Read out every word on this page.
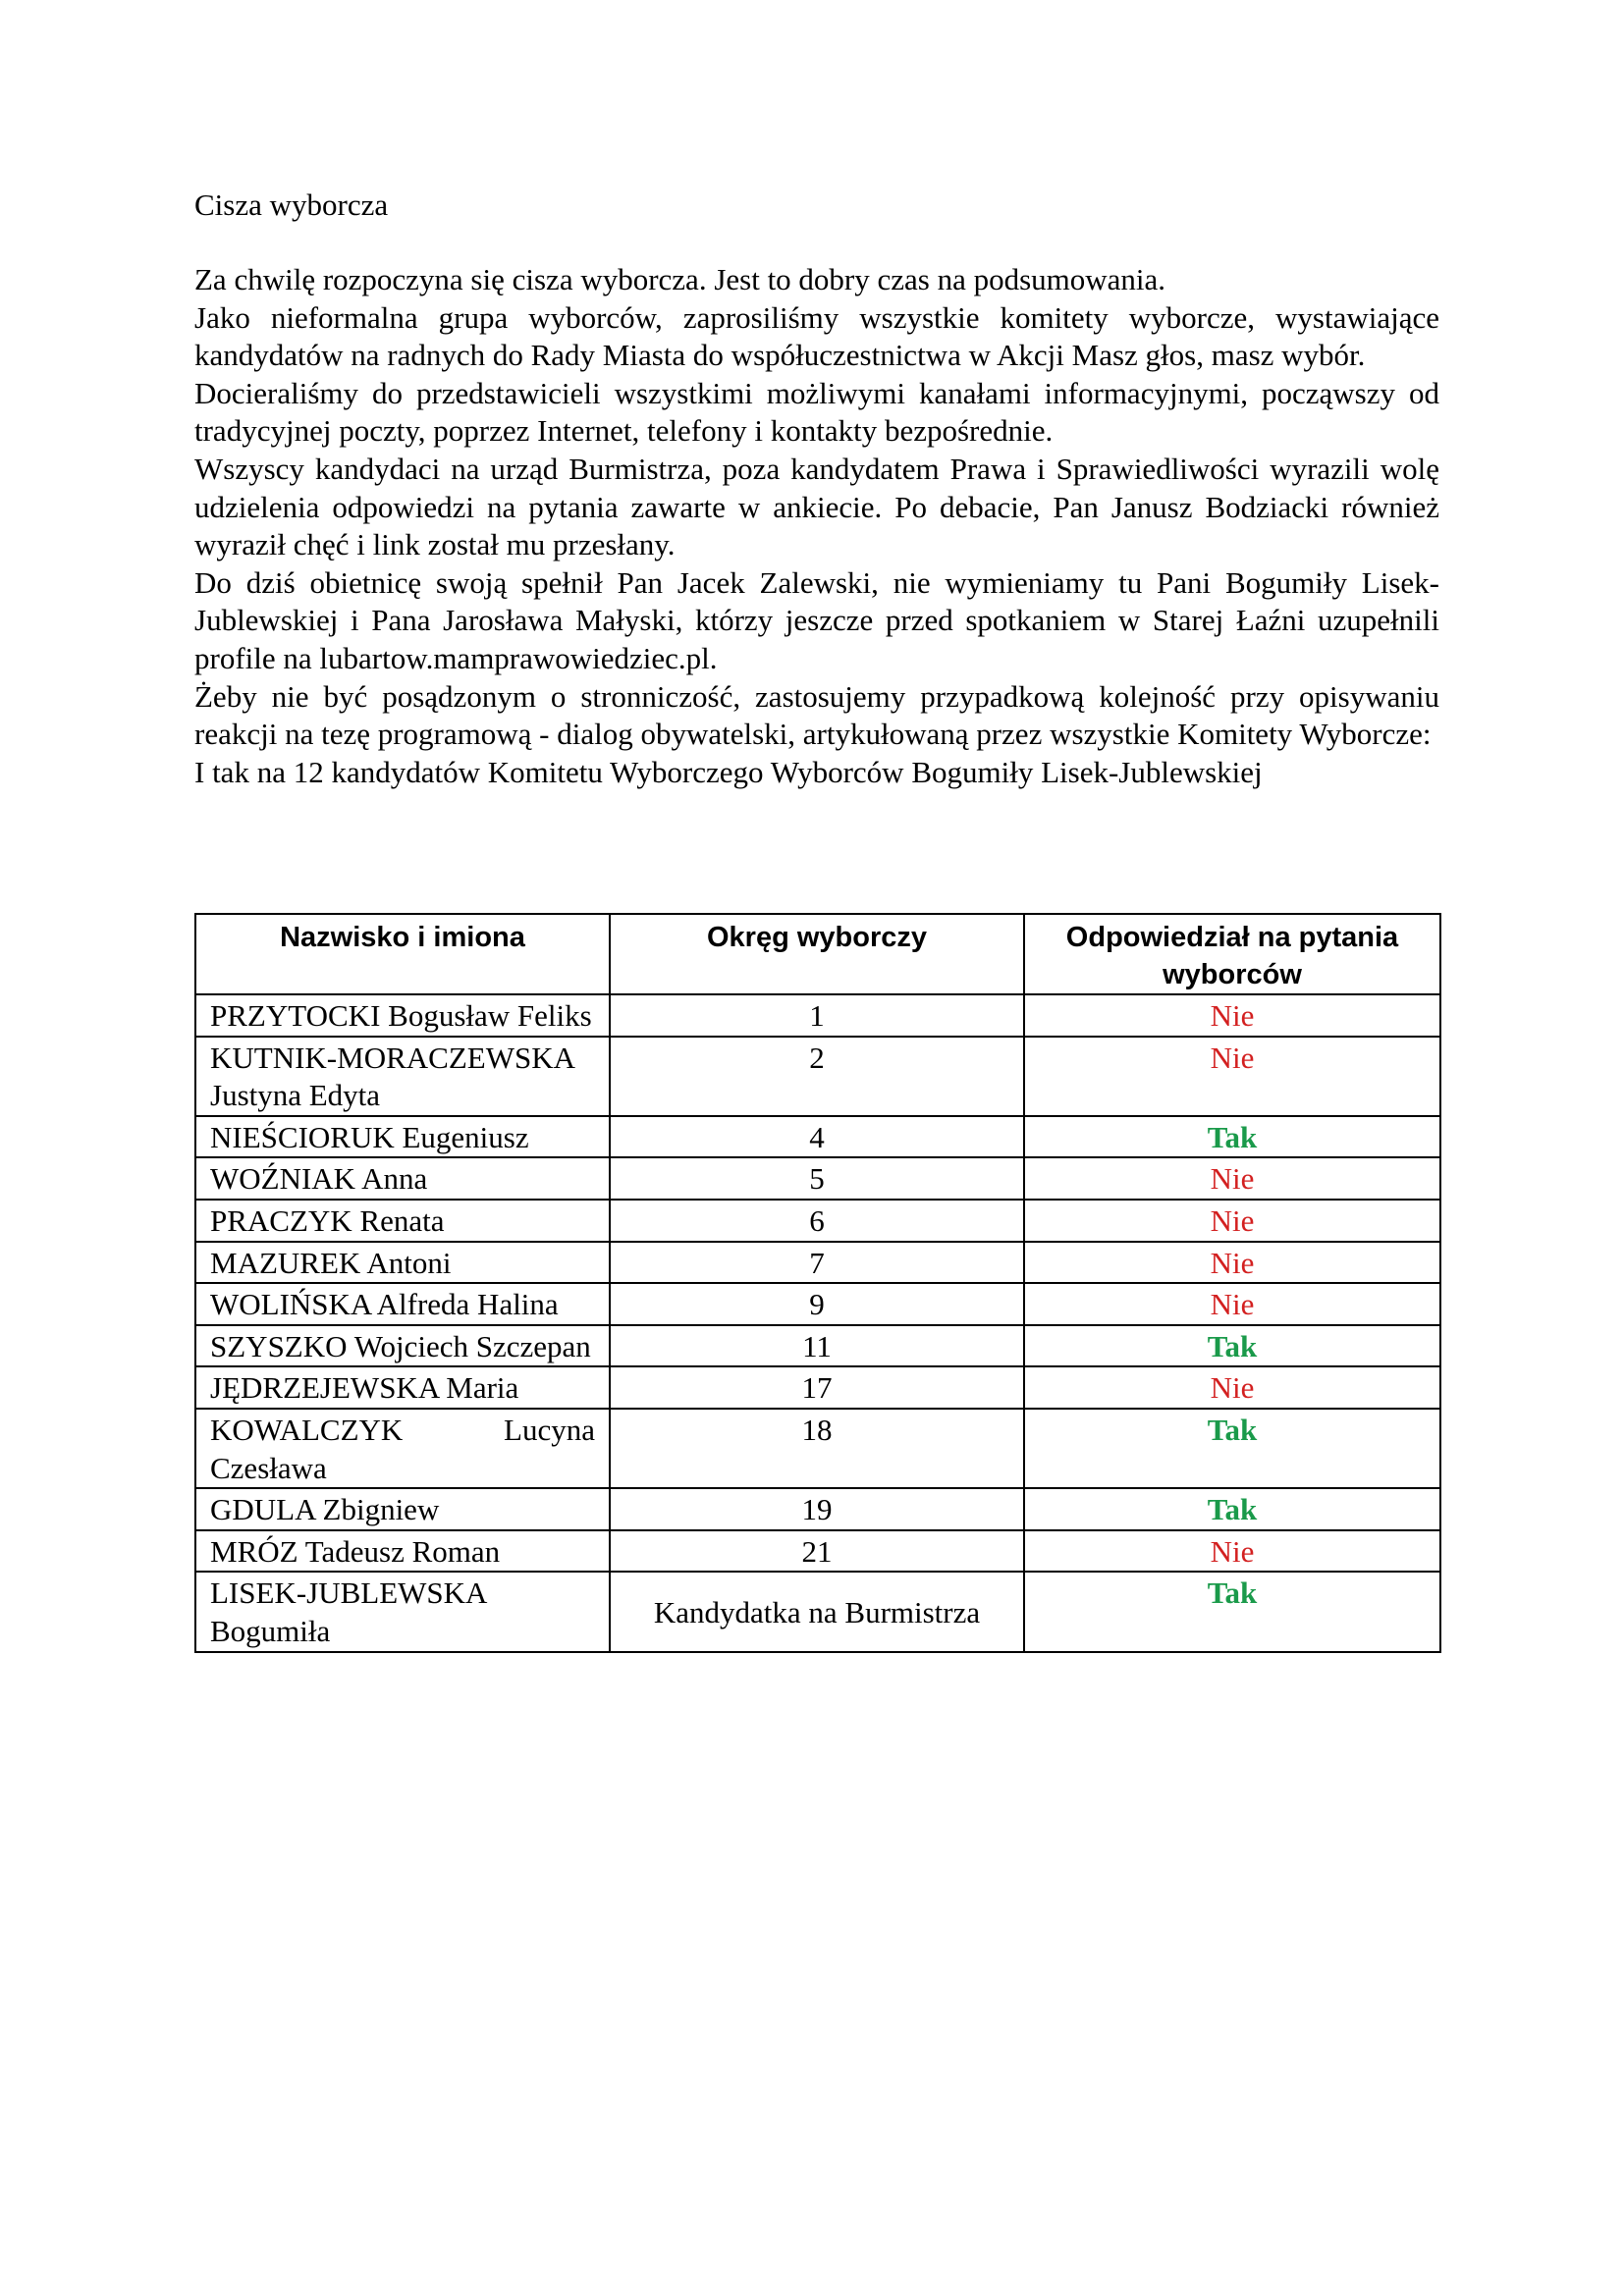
Cisza wyborcza

Za chwilę rozpoczyna się cisza wyborcza. Jest to dobry czas na podsumowania.

Jako nieformalna grupa wyborców, zaprosiliśmy wszystkie komitety wyborcze, wystawiające kandydatów na radnych do Rady Miasta do współuczestnictwa w Akcji Masz głos, masz wybór.

Docieraliśmy do przedstawicieli wszystkimi możliwymi kanałami informacyjnymi, począwszy od tradycyjnej poczty, poprzez Internet, telefony i kontakty bezpośrednie.

Wszyscy kandydaci na urząd Burmistrza, poza kandydatem Prawa i Sprawiedliwości wyrazili wolę udzielenia odpowiedzi na pytania zawarte w ankiecie. Po debacie, Pan Janusz Bodziacki również wyraził chęć i link został mu przesłany.

Do dziś obietnicę swoją spełnił Pan Jacek Zalewski, nie wymieniamy tu Pani Bogumiły Lisek-Jublewskiej i Pana Jarosława Małyski, którzy jeszcze przed spotkaniem w Starej Łaźni uzupełnili profile na lubartow.mamprawowiedziec.pl.

Żeby nie być posądzonym o stronniczość, zastosujemy przypadkową kolejność przy opisywaniu reakcji na tezę programową - dialog obywatelski, artykułowaną przez wszystkie Komitety Wyborcze:

I tak na 12 kandydatów Komitetu Wyborczego Wyborców Bogumiły Lisek-Jublewskiej

Nazwisko i imiona	Okręg wyborczy	Odpowiedział na pytania wyborców
PRZYTOCKI Bogusław Feliks	1	Nie
KUTNIK-MORACZEWSKA Justyna Edyta	2	Nie
NIEŚCIORUK Eugeniusz	4	Tak
WOŹNIAK Anna	5	Nie
PRACZYK Renata	6	Nie
MAZUREK Antoni	7	Nie
WOLIŃSKA Alfreda Halina	9	Nie
SZYSZKO Wojciech Szczepan	11	Tak
JĘDRZEJEWSKA Maria	17	Nie
KOWALCZYK Lucyna Czesława	18	Tak
GDULA Zbigniew	19	Tak
MRÓZ Tadeusz Roman	21	Nie
LISEK-JUBLEWSKA Bogumiła	Kandydatka na Burmistrza	Tak
